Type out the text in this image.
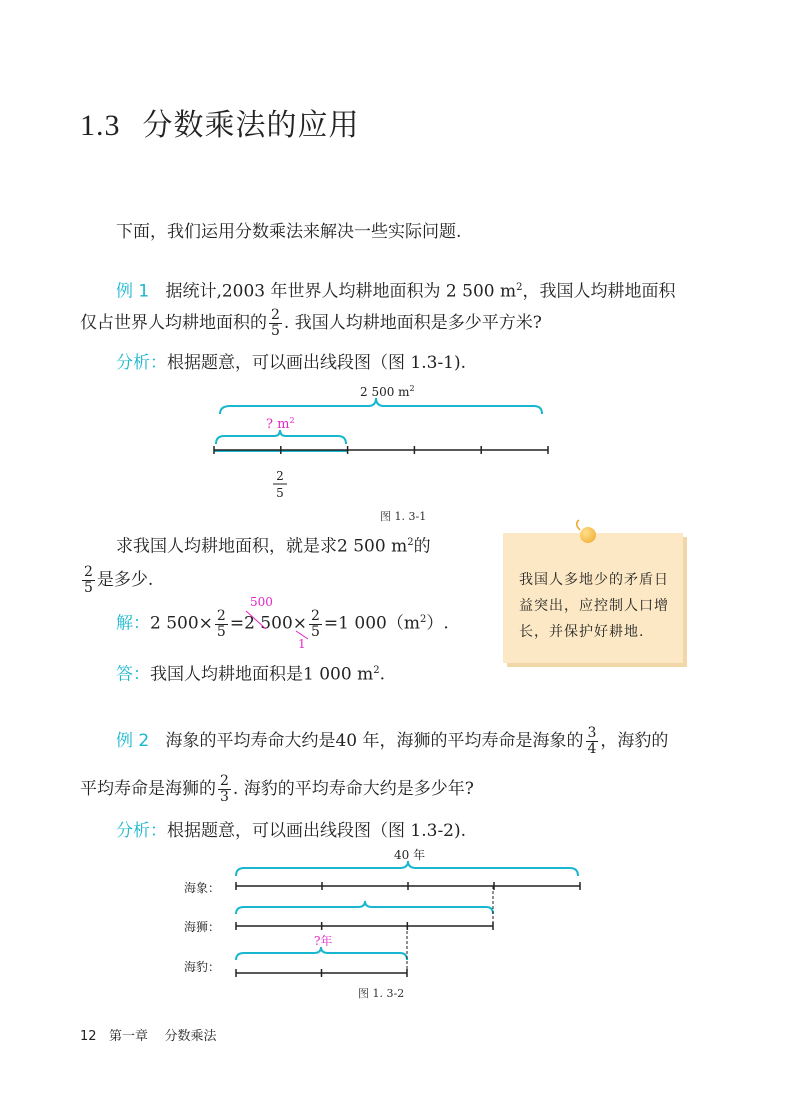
1.3 分数乘法的应用
下面，我们运用分数乘法来解决一些实际问题.
例 1 据统计,2003 年世界人均耕地面积为 2 500 $m^2$，我国人均耕地面积
仅占世界人均耕地面积的 $\frac{2}{5}$ . 我国人均耕地面积是多少平方米?
分析：根据题意，可以画出线段图（图 1.3-1).
2 500 $m^2$
? $m^2$
2
5
图 1. 3-1
求我国人均耕地面积，就是求2 500 $m^2$的
$\frac{2}{5}$ 是多少.
解：2 $500\times \frac{2}{5} =2$ $500\times \frac{2}{5} =1$ $000(m^2)$.
500
1
答：我国人均耕地面积是1 000 $m^2$.
我国人多地少的矛盾日益突出，应控制人口增长，并保护好耕地.
例 2 海象的平均寿命大约是40 年，海狮的平均寿命是海象的 $\frac{3}{4}$ ，海豹的
平均寿命是海狮的 $\frac{2}{3}$ . 海豹的平均寿命大约是多少年?
分析：根据题意，可以画出线段图（图 1.3-2).
40 年
海象：
海狮：
?年
海豹：
图 1. 3-2
12 第一章 分数乘法
